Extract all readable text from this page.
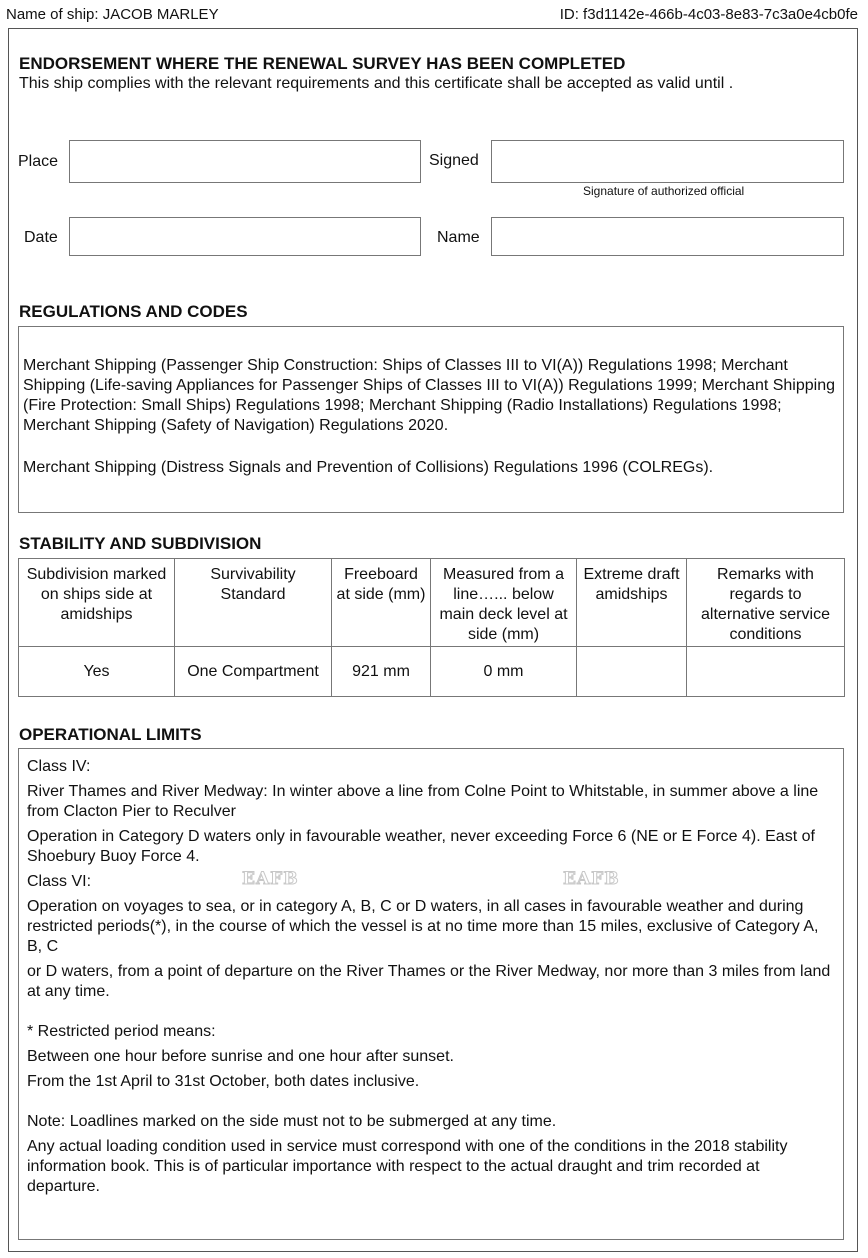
Name of ship: JACOB MARLEY	ID: f3d1142e-466b-4c03-8e83-7c3a0e4cb0fe
ENDORSEMENT WHERE THE RENEWAL SURVEY HAS BEEN COMPLETED
This ship complies with the relevant requirements and this certificate shall be accepted as valid until .
Place	Signed
Signature of authorized official
Date	Name
REGULATIONS AND CODES

Merchant Shipping (Passenger Ship Construction: Ships of Classes III to VI(A)) Regulations 1998; Merchant Shipping (Life-saving Appliances for Passenger Ships of Classes III to VI(A)) Regulations 1999; Merchant Shipping (Fire Protection: Small Ships) Regulations 1998; Merchant Shipping (Radio Installations) Regulations 1998; Merchant Shipping (Safety of Navigation) Regulations 2020.

Merchant Shipping (Distress Signals and Prevention of Collisions) Regulations 1996 (COLREGs).

STABILITY AND SUBDIVISION
Subdivision marked on ships side at amidships	Survivability Standard	Freeboard at side (mm)	Measured from a line…... below main deck level at side (mm)	Extreme draft amidships	Remarks with regards to alternative service conditions
Yes	One Compartment	921 mm	0 mm		
OPERATIONAL LIMITS

Class IV:

River Thames and River Medway: In winter above a line from Colne Point to Whitstable, in summer above a line from Clacton Pier to Reculver

Operation in Category D waters only in favourable weather, never exceeding Force 6 (NE or E Force 4). East of Shoebury Buoy Force 4.

Class VI:

Operation on voyages to sea, or in category A, B, C or D waters, in all cases in favourable weather and during restricted periods(*), in the course of which the vessel is at no time more than 15 miles, exclusive of Category A, B, C

or D waters, from a point of departure on the River Thames or the River Medway, nor more than 3 miles from land at any time.

* Restricted period means:

Between one hour before sunrise and one hour after sunset.

From the 1st April to 31st October, both dates inclusive.

Note: Loadlines marked on the side must not to be submerged at any time.

Any actual loading condition used in service must correspond with one of the conditions in the 2018 stability information book. This is of particular importance with respect to the actual draught and trim recorded at departure.

EAFB	EAFB
